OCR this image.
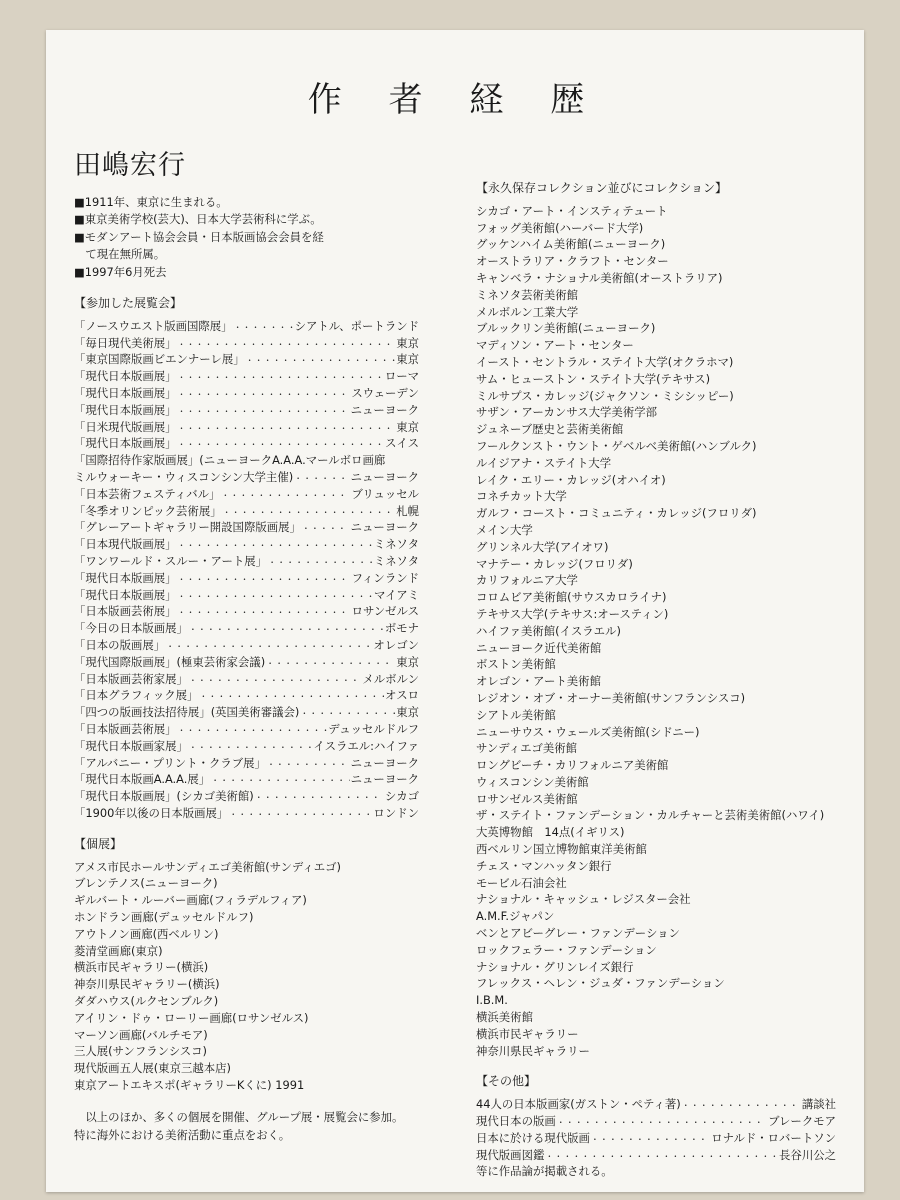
作 者 経 歴
田嶋宏行
■1911年、東京に生まれる。
■東京美術学校(芸大)、日本大学芸術科に学ぶ。
■モダンアート協会会員・日本版画協会会員を経
　て現在無所属。
■1997年6月死去
【参加した展覧会】
「ノースウエスト版画国際展」 ・・・・・・・・・・・・・・・・・・・・・・・・・・・・・・・・・・・・・・・・・・・・・・・・	シアトル、ポートランド
「毎日現代美術展」 ・・・・・・・・・・・・・・・・・・・・・・・・・・・・・・・・・・・・・・・・・・・・・・・・	東京
「東京国際版画ビエンナーレ展」 ・・・・・・・・・・・・・・・・・・・・・・・・・・・・・・・・・・・・・・・・・・・・・・・・	東京
「現代日本版画展」 ・・・・・・・・・・・・・・・・・・・・・・・・・・・・・・・・・・・・・・・・・・・・・・・・	ローマ
「現代日本版画展」 ・・・・・・・・・・・・・・・・・・・・・・・・・・・・・・・・・・・・・・・・・・・・・・・・	スウェーデン
「現代日本版画展」 ・・・・・・・・・・・・・・・・・・・・・・・・・・・・・・・・・・・・・・・・・・・・・・・・	ニューヨーク
「日米現代版画展」 ・・・・・・・・・・・・・・・・・・・・・・・・・・・・・・・・・・・・・・・・・・・・・・・・	東京
「現代日本版画展」 ・・・・・・・・・・・・・・・・・・・・・・・・・・・・・・・・・・・・・・・・・・・・・・・・	スイス
「国際招待作家版画展」(ニューヨークA.A.A.マールボロ画廊
ミルウォーキー・ウィスコンシン大学主催) ・・・・・・・・・・・・・・・・・・・・・・・・・・・・・・・・・・・・・・・・・・・・・・・・	ニューヨーク
「日本芸術フェスティバル」 ・・・・・・・・・・・・・・・・・・・・・・・・・・・・・・・・・・・・・・・・・・・・・・・・	ブリュッセル
「冬季オリンピック芸術展」 ・・・・・・・・・・・・・・・・・・・・・・・・・・・・・・・・・・・・・・・・・・・・・・・・	札幌
「グレーアートギャラリー開設国際版画展」 ・・・・・・・・・・・・・・・・・・・・・・・・・・・・・・・・・・・・・・・・・・・・・・・・	ニューヨーク
「日本現代版画展」 ・・・・・・・・・・・・・・・・・・・・・・・・・・・・・・・・・・・・・・・・・・・・・・・・	ミネソタ
「ワンワールド・スルー・アート展」 ・・・・・・・・・・・・・・・・・・・・・・・・・・・・・・・・・・・・・・・・・・・・・・・・	ミネソタ
「現代日本版画展」 ・・・・・・・・・・・・・・・・・・・・・・・・・・・・・・・・・・・・・・・・・・・・・・・・	フィンランド
「現代日本版画展」 ・・・・・・・・・・・・・・・・・・・・・・・・・・・・・・・・・・・・・・・・・・・・・・・・	マイアミ
「日本版画芸術展」 ・・・・・・・・・・・・・・・・・・・・・・・・・・・・・・・・・・・・・・・・・・・・・・・・	ロサンゼルス
「今日の日本版画展」 ・・・・・・・・・・・・・・・・・・・・・・・・・・・・・・・・・・・・・・・・・・・・・・・・	ボモナ
「日本の版画展」 ・・・・・・・・・・・・・・・・・・・・・・・・・・・・・・・・・・・・・・・・・・・・・・・・	オレゴン
「現代国際版画展」(極東芸術家会議) ・・・・・・・・・・・・・・・・・・・・・・・・・・・・・・・・・・・・・・・・・・・・・・・・	東京
「日本版画芸術家展」 ・・・・・・・・・・・・・・・・・・・・・・・・・・・・・・・・・・・・・・・・・・・・・・・・	メルボルン
「日本グラフィック展」 ・・・・・・・・・・・・・・・・・・・・・・・・・・・・・・・・・・・・・・・・・・・・・・・・	オスロ
「四つの版画技法招待展」(英国美術審議会) ・・・・・・・・・・・・・・・・・・・・・・・・・・・・・・・・・・・・・・・・・・・・・・・・	東京
「日本版画芸術展」 ・・・・・・・・・・・・・・・・・・・・・・・・・・・・・・・・・・・・・・・・・・・・・・・・	デュッセルドルフ
「現代日本版画家展」 ・・・・・・・・・・・・・・・・・・・・・・・・・・・・・・・・・・・・・・・・・・・・・・・・	イスラエル:ハイファ
「アルバニー・プリント・クラブ展」 ・・・・・・・・・・・・・・・・・・・・・・・・・・・・・・・・・・・・・・・・・・・・・・・・	ニューヨーク
「現代日本版画A.A.A.展」 ・・・・・・・・・・・・・・・・・・・・・・・・・・・・・・・・・・・・・・・・・・・・・・・・	ニューヨーク
「現代日本版画展」(シカゴ美術館) ・・・・・・・・・・・・・・・・・・・・・・・・・・・・・・・・・・・・・・・・・・・・・・・・	シカゴ
「1900年以後の日本版画展」 ・・・・・・・・・・・・・・・・・・・・・・・・・・・・・・・・・・・・・・・・・・・・・・・・	ロンドン
【個展】
アメス市民ホールサンディエゴ美術館(サンディエゴ)
ブレンテノス(ニューヨーク)
ギルバート・ルーバー画廊(フィラデルフィア)
ホンドラン画廊(デュッセルドルフ)
アウトノン画廊(西ベルリン)
菱清堂画廊(東京)
横浜市民ギャラリー(横浜)
神奈川県民ギャラリー(横浜)
ダダハウス(ルクセンブルク)
アイリン・ドゥ・ローリー画廊(ロサンゼルス)
マーソン画廊(バルチモア)
三人展(サンフランシスコ)
現代版画五人展(東京三越本店)
東京アートエキスポ(ギャラリーKくに) 1991
　以上のほか、多くの個展を開催、グループ展・展覧会に参加。
特に海外における美術活動に重点をおく。
【永久保存コレクション並びにコレクション】
シカゴ・アート・インスティテュート
フォッグ美術館(ハーバード大学)
グッケンハイム美術館(ニューヨーク)
オーストラリア・クラフト・センター
キャンベラ・ナショナル美術館(オーストラリア)
ミネソタ芸術美術館
メルボルン工業大学
ブルックリン美術館(ニューヨーク)
マディソン・アート・センター
イースト・セントラル・ステイト大学(オクラホマ)
サム・ヒューストン・ステイト大学(テキサス)
ミルサプス・カレッジ(ジャクソン・ミシシッピー)
サザン・アーカンサス大学美術学部
ジュネーブ歴史と芸術美術館
フールクンスト・ウント・ゲベルベ美術館(ハンブルク)
ルイジアナ・ステイト大学
レイク・エリー・カレッジ(オハイオ)
コネチカット大学
ガルフ・コースト・コミュニティ・カレッジ(フロリダ)
メイン大学
グリンネル大学(アイオワ)
マナテー・カレッジ(フロリダ)
カリフォルニア大学
コロムビア美術館(サウスカロライナ)
テキサス大学(テキサス:オースティン)
ハイファ美術館(イスラエル)
ニューヨーク近代美術館
ボストン美術館
オレゴン・アート美術館
レジオン・オブ・オーナー美術館(サンフランシスコ)
シアトル美術館
ニューサウス・ウェールズ美術館(シドニー)
サンディエゴ美術館
ロングビーチ・カリフォルニア美術館
ウィスコンシン美術館
ロサンゼルス美術館
ザ・ステイト・ファンデーション・カルチャーと芸術美術館(ハワイ)
大英博物館　14点(イギリス)
西ベルリン国立博物館東洋美術館
チェス・マンハッタン銀行
モービル石油会社
ナショナル・キャッシュ・レジスター会社
A.M.F.ジャパン
ベンとアビーグレー・ファンデーション
ロックフェラー・ファンデーション
ナショナル・グリンレイズ銀行
フレックス・ヘレン・ジュダ・ファンデーション
I.B.M.
横浜美術館
横浜市民ギャラリー
神奈川県民ギャラリー
【その他】
44人の日本版画家(ガストン・ペティ著) ・・・・・・・・・・・・・・・・・・・・・・・・・・・・・・・・・・・・・・・・・・・・・・・・	講談社
現代日本の版画 ・・・・・・・・・・・・・・・・・・・・・・・・・・・・・・・・・・・・・・・・・・・・・・・・	ブレークモア
日本に於ける現代版画 ・・・・・・・・・・・・・・・・・・・・・・・・・・・・・・・・・・・・・・・・・・・・・・・・	ロナルド・ロバートソン
現代版画図鑑 ・・・・・・・・・・・・・・・・・・・・・・・・・・・・・・・・・・・・・・・・・・・・・・・・	長谷川公之
等に作品論が掲載される。
